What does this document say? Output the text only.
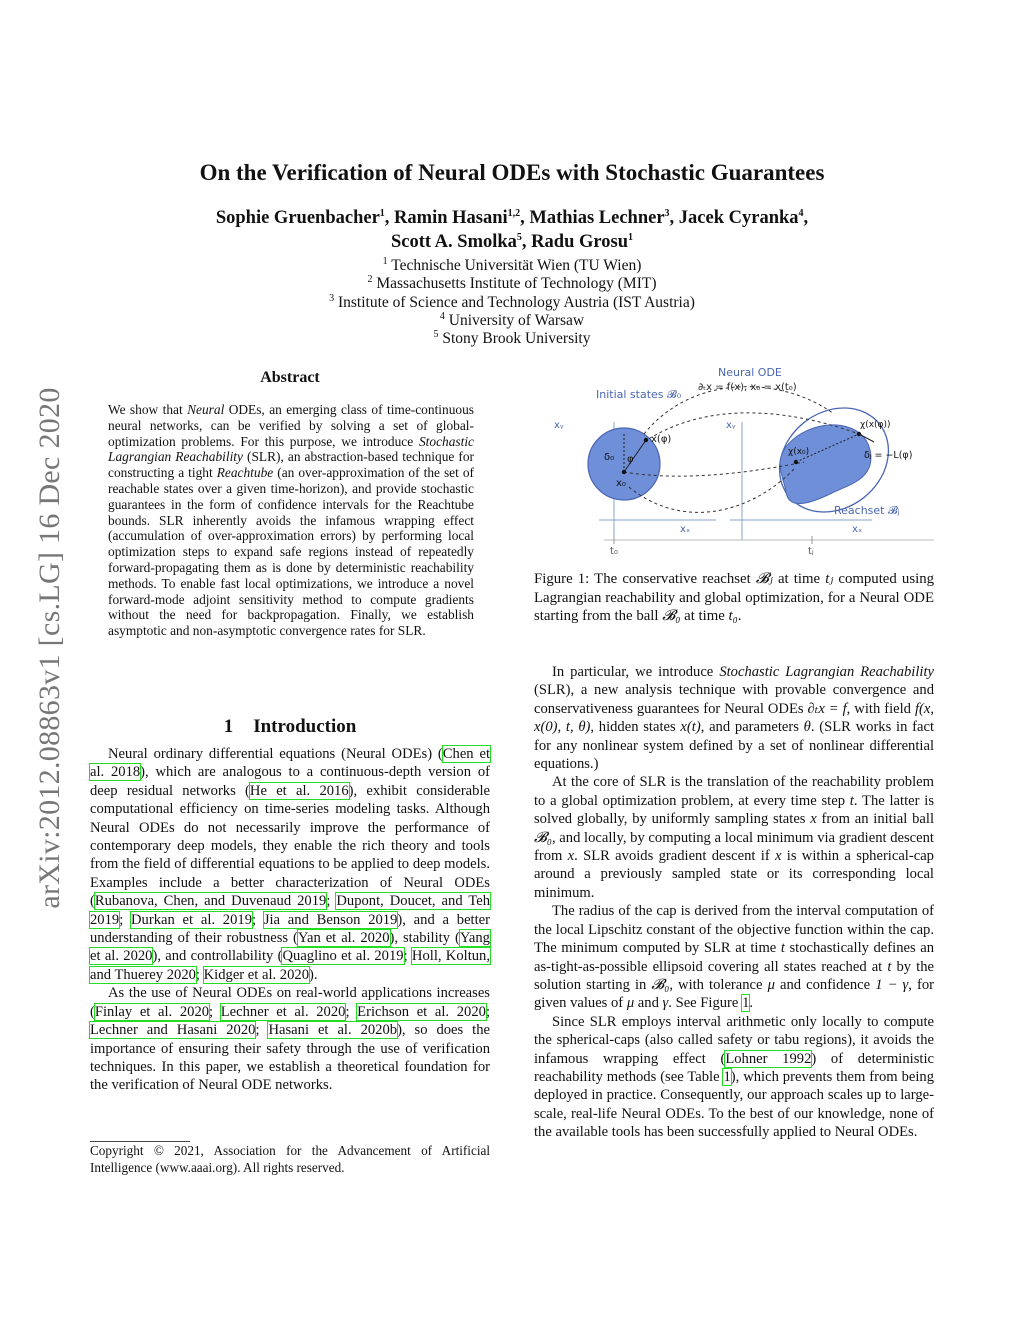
arXiv:2012.08863v1 [cs.LG] 16 Dec 2020
On the Verification of Neural ODEs with Stochastic Guarantees
Sophie Gruenbacher$^1$, Ramin Hasani$^{1,2}$, Mathias Lechner$^3$, Jacek Cyranka$^4$,
Scott A. Smolka$^5$, Radu Grosu$^1$
$^1$ Technische Universität Wien (TU Wien)
$^2$ Massachusetts Institute of Technology (MIT)
$^3$ Institute of Science and Technology Austria (IST Austria)
$^4$ University of Warsaw
$^5$ Stony Brook University
Abstract
We show that Neural ODEs, an emerging class of time-continuous neural networks, can be verified by solving a set of global-optimization problems. For this purpose, we introduce Stochastic Lagrangian Reachability (SLR), an abstraction-based technique for constructing a tight Reachtube (an over-approximation of the set of reachable states over a given time-horizon), and provide stochastic guarantees in the form of confidence intervals for the Reachtube bounds. SLR inherently avoids the infamous wrapping effect (accumulation of over-approximation errors) by performing local optimization steps to expand safe regions instead of repeatedly forward-propagating them as is done by deterministic reachability methods. To enable fast local optimizations, we introduce a novel forward-mode adjoint sensitivity method to compute gradients without the need for backpropagation. Finally, we establish asymptotic and non-asymptotic convergence rates for SLR.
1 Introduction

Neural ordinary differential equations (Neural ODEs) (Chen et al. 2018), which are analogous to a continuous-depth version of deep residual networks (He et al. 2016), exhibit considerable computational efficiency on time-series modeling tasks. Although Neural ODEs do not necessarily improve the performance of contemporary deep models, they enable the rich theory and tools from the field of differential equations to be applied to deep models. Examples include a better characterization of Neural ODEs (Rubanova, Chen, and Duvenaud 2019; Dupont, Doucet, and Teh 2019; Durkan et al. 2019; Jia and Benson 2019), and a better understanding of their robustness (Yan et al. 2020), stability (Yang et al. 2020), and controllability (Quaglino et al. 2019; Holl, Koltun, and Thuerey 2020; Kidger et al. 2020).

As the use of Neural ODEs on real-world applications increases (Finlay et al. 2020; Lechner et al. 2020; Erichson et al. 2020; Lechner and Hasani 2020; Hasani et al. 2020b), so does the importance of ensuring their safety through the use of verification techniques. In this paper, we establish a theoretical foundation for the verification of Neural ODE networks.

Copyright © 2021, Association for the Advancement of Artificial Intelligence (www.aaai.org). All rights reserved.
Neural ODE
∂ₜx = f(x), x₀ = x(t₀)
Initial states 𝓑₀
Reachset 𝓑ⱼ
xᵧ	xᵧ
xₓ	xₓ
t₀	tⱼ
δ₀ φ
x(φ)
x₀
χ(x₀)
χ(x(φ))
δⱼ = −L(φ)
Figure 1: The conservative reachset 𝓑ⱼ at time tⱼ computed using Lagrangian reachability and global optimization, for a Neural ODE starting from the ball 𝓑₀ at time t₀.

In particular, we introduce Stochastic Lagrangian Reachability (SLR), a new analysis technique with provable convergence and conservativeness guarantees for Neural ODEs ∂ₜx = f, with field f(x, x(0), t, θ), hidden states x(t), and parameters θ. (SLR works in fact for any nonlinear system defined by a set of nonlinear differential equations.)

At the core of SLR is the translation of the reachability problem to a global optimization problem, at every time step t. The latter is solved globally, by uniformly sampling states x from an initial ball 𝓑₀, and locally, by computing a local minimum via gradient descent from x. SLR avoids gradient descent if x is within a spherical-cap around a previously sampled state or its corresponding local minimum.

The radius of the cap is derived from the interval computation of the local Lipschitz constant of the objective function within the cap. The minimum computed by SLR at time t stochastically defines an as-tight-as-possible ellipsoid covering all states reached at t by the solution starting in 𝓑₀, with tolerance μ and confidence 1 − γ, for given values of μ and γ. See Figure 1.

Since SLR employs interval arithmetic only locally to compute the spherical-caps (also called safety or tabu regions), it avoids the infamous wrapping effect (Lohner 1992) of deterministic reachability methods (see Table 1), which prevents them from being deployed in practice. Consequently, our approach scales up to large-scale, real-life Neural ODEs. To the best of our knowledge, none of the available tools has been successfully applied to Neural ODEs.
